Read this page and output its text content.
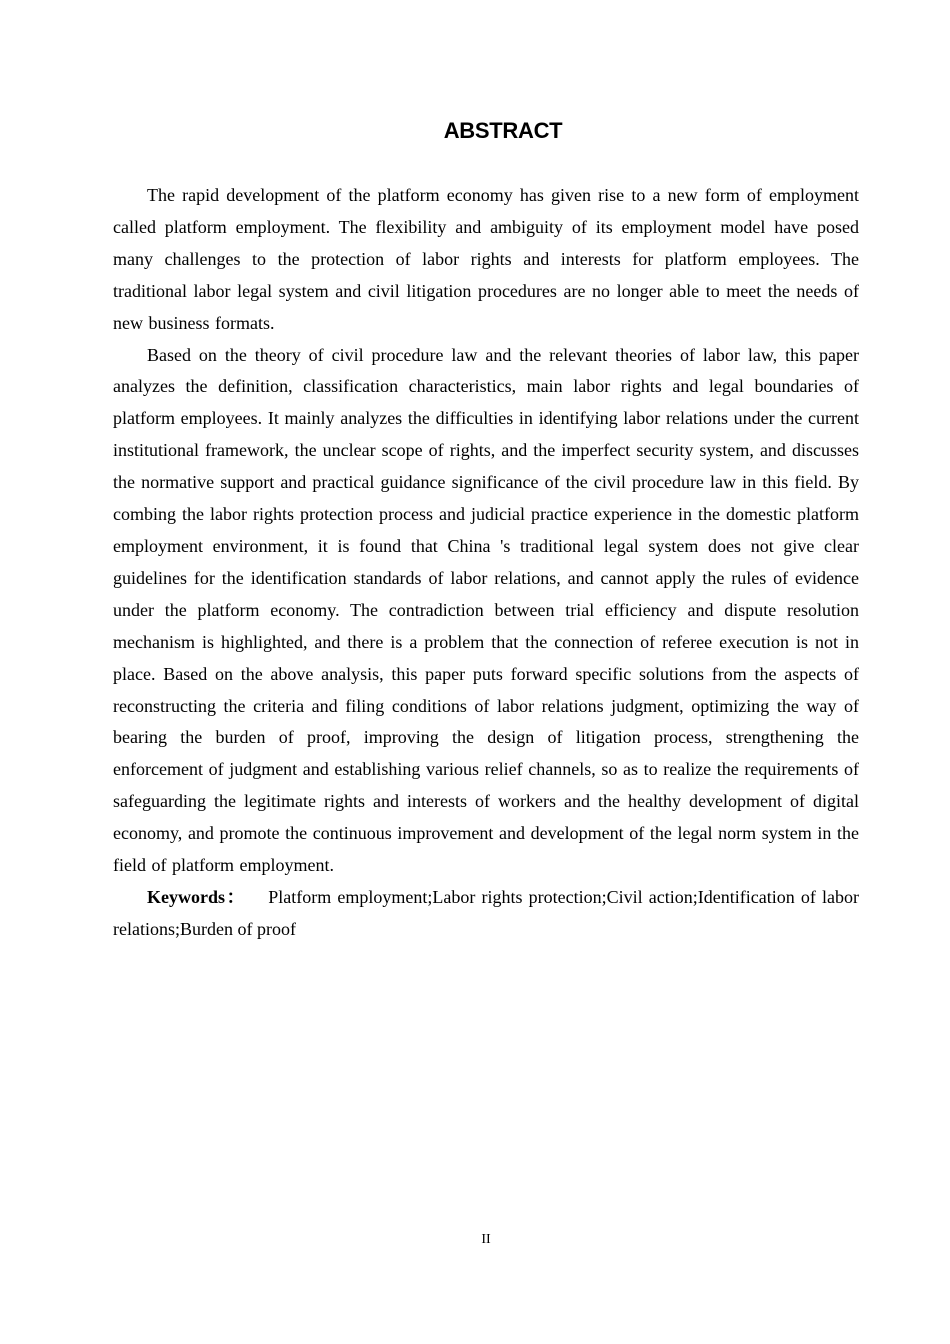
ABSTRACT

The rapid development of the platform economy has given rise to a new form of employment called platform employment. The flexibility and ambiguity of its employment model have posed many challenges to the protection of labor rights and interests for platform employees. The traditional labor legal system and civil litigation procedures are no longer able to meet the needs of new business formats.

Based on the theory of civil procedure law and the relevant theories of labor law, this paper analyzes the definition, classification characteristics, main labor rights and legal boundaries of platform employees. It mainly analyzes the difficulties in identifying labor relations under the current institutional framework, the unclear scope of rights, and the imperfect security system, and discusses the normative support and practical guidance significance of the civil procedure law in this field. By combing the labor rights protection process and judicial practice experience in the domestic platform employment environment, it is found that China 's traditional legal system does not give clear guidelines for the identification standards of labor relations, and cannot apply the rules of evidence under the platform economy. The contradiction between trial efficiency and dispute resolution mechanism is highlighted, and there is a problem that the connection of referee execution is not in place. Based on the above analysis, this paper puts forward specific solutions from the aspects of reconstructing the criteria and filing conditions of labor relations judgment, optimizing the way of bearing the burden of proof, improving the design of litigation process, strengthening the enforcement of judgment and establishing various relief channels, so as to realize the requirements of safeguarding the legitimate rights and interests of workers and the healthy development of digital economy, and promote the continuous improvement and development of the legal norm system in the field of platform employment.

Keywords： Platform employment;Labor rights protection;Civil action;Identification of labor relations;Burden of proof

II
